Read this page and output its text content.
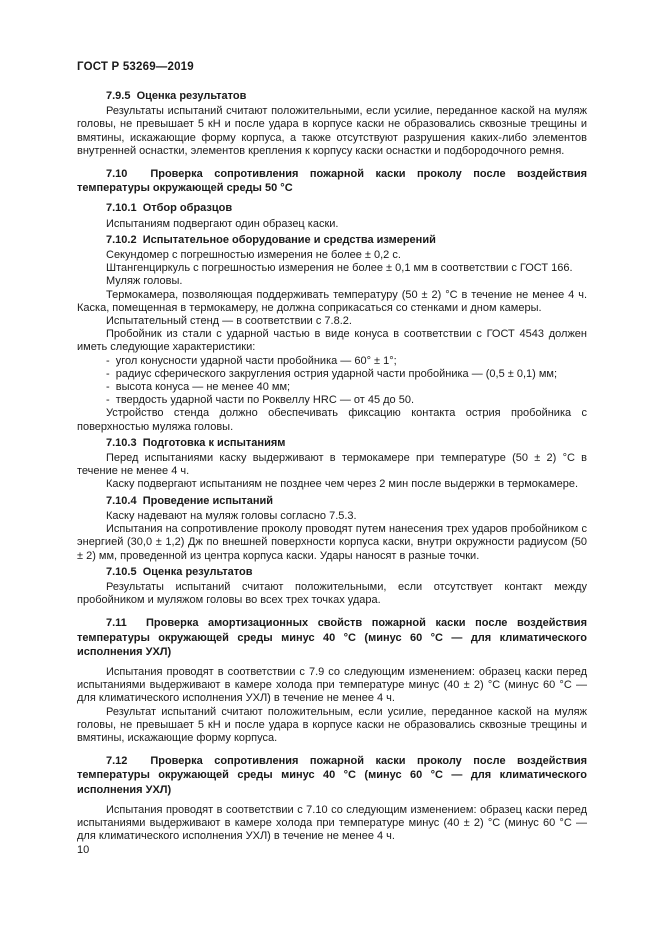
ГОСТ Р 53269—2019
7.9.5  Оценка результатов
Результаты испытаний считают положительными, если усилие, переданное каской на муляж головы, не превышает 5 кН и после удара в корпусе каски не образовались сквозные трещины и вмятины, искажающие форму корпуса, а также отсутствуют разрушения каких-либо элементов внутренней оснастки, элементов крепления к корпусу каски оснастки и подбородочного ремня.
7.10  Проверка сопротивления пожарной каски проколу после воздействия температуры окружающей среды 50 °С
7.10.1  Отбор образцов
Испытаниям подвергают один образец каски.
7.10.2  Испытательное оборудование и средства измерений
Секундомер с погрешностью измерения не более ± 0,2 с.
Штангенциркуль с погрешностью измерения не более ± 0,1 мм в соответствии с ГОСТ 166.
Муляж головы.
Термокамера, позволяющая поддерживать температуру (50 ± 2) °С в течение не менее 4 ч. Каска, помещенная в термокамеру, не должна соприкасаться со стенками и дном камеры.
Испытательный стенд — в соответствии с 7.8.2.
Пробойник из стали с ударной частью в виде конуса в соответствии с ГОСТ 4543 должен иметь следующие характеристики:
-  угол конусности ударной части пробойника — 60° ± 1°;
-  радиус сферического закругления острия ударной части пробойника — (0,5 ± 0,1) мм;
-  высота конуса — не менее 40 мм;
-  твердость ударной части по Роквеллу HRC — от 45 до 50.
Устройство стенда должно обеспечивать фиксацию контакта острия пробойника с поверхностью муляжа головы.
7.10.3  Подготовка к испытаниям
Перед испытаниями каску выдерживают в термокамере при температуре (50 ± 2) °С в течение не менее 4 ч.
Каску подвергают испытаниям не позднее чем через 2 мин после выдержки в термокамере.
7.10.4  Проведение испытаний
Каску надевают на муляж головы согласно 7.5.3.
Испытания на сопротивление проколу проводят путем нанесения трех ударов пробойником с энергией (30,0 ± 1,2) Дж по внешней поверхности корпуса каски, внутри окружности радиусом (50 ± 2) мм, проведенной из центра корпуса каски. Удары наносят в разные точки.
7.10.5  Оценка результатов
Результаты испытаний считают положительными, если отсутствует контакт между пробойником и муляжом головы во всех трех точках удара.
7.11  Проверка амортизационных свойств пожарной каски после воздействия температуры окружающей среды минус 40 °С (минус 60 °С — для климатического исполнения УХЛ)
Испытания проводят в соответствии с 7.9 со следующим изменением: образец каски перед испытаниями выдерживают в камере холода при температуре минус (40 ± 2) °С (минус 60 °С — для климатического исполнения УХЛ) в течение не менее 4 ч.
Результат испытаний считают положительным, если усилие, переданное каской на муляж головы, не превышает 5 кН и после удара в корпусе каски не образовались сквозные трещины и вмятины, искажающие форму корпуса.
7.12  Проверка сопротивления пожарной каски проколу после воздействия температуры окружающей среды минус 40 °С (минус 60 °С — для климатического исполнения УХЛ)
Испытания проводят в соответствии с 7.10 со следующим изменением: образец каски перед испытаниями выдерживают в камере холода при температуре минус (40 ± 2) °С (минус 60 °С — для климатического исполнения УХЛ) в течение не менее 4 ч.
10
